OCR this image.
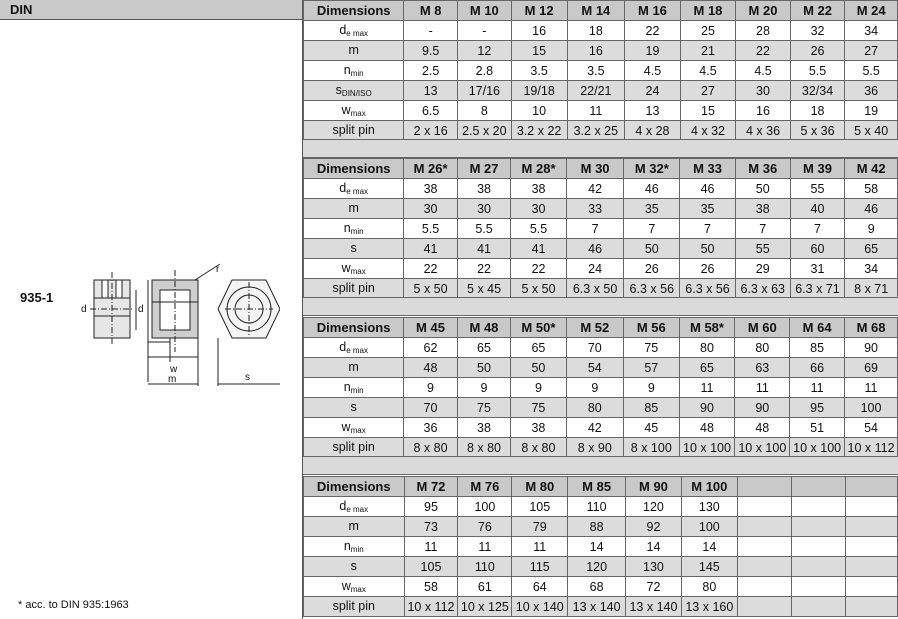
DIN
935-1
d	d
w
m	s
r
* acc. to DIN 935:1963
Dimensions	M 8	M 10	M 12	M 14	M 16	M 18	M 20	M 22	M 24
$d_{e max}$	-	-	16	18	22	25	28	32	34
m	9.5	12	15	16	19	21	22	26	27
$n_{min}$	2.5	2.8	3.5	3.5	4.5	4.5	4.5	5.5	5.5
$s_{DIN/ISO}$	13	17/16	19/18	22/21	24	27	30	32/34	36
$w_{max}$	6.5	8	10	11	13	15	16	18	19
split pin	2 x 16	2.5 x 20	3.2 x 22	3.2 x 25	4 x 28	4 x 32	4 x 36	5 x 36	5 x 40
Dimensions	M 26*	M 27	M 28*	M 30	M 32*	M 33	M 36	M 39	M 42
$d_{e max}$	38	38	38	42	46	46	50	55	58
m	30	30	30	33	35	35	38	40	46
$n_{min}$	5.5	5.5	5.5	7	7	7	7	7	9
s	41	41	41	46	50	50	55	60	65
$w_{max}$	22	22	22	24	26	26	29	31	34
split pin	5 x 50	5 x 45	5 x 50	6.3 x 50	6.3 x 56	6.3 x 56	6.3 x 63	6.3 x 71	8 x 71
Dimensions	M 45	M 48	M 50*	M 52	M 56	M 58*	M 60	M 64	M 68
$d_{e max}$	62	65	65	70	75	80	80	85	90
m	48	50	50	54	57	65	63	66	69
$n_{min}$	9	9	9	9	9	11	11	11	11
s	70	75	75	80	85	90	90	95	100
$w_{max}$	36	38	38	42	45	48	48	51	54
split pin	8 x 80	8 x 80	8 x 80	8 x 90	8 x 100	10 x 100	10 x 100	10 x 100	10 x 112
Dimensions	M 72	M 76	M 80	M 85	M 90	M 100			
$d_{e max}$	95	100	105	110	120	130			
m	73	76	79	88	92	100			
$n_{min}$	11	11	11	14	14	14			
s	105	110	115	120	130	145			
$w_{max}$	58	61	64	68	72	80			
split pin	10 x 112	10 x 125	10 x 140	13 x 140	13 x 140	13 x 160			
